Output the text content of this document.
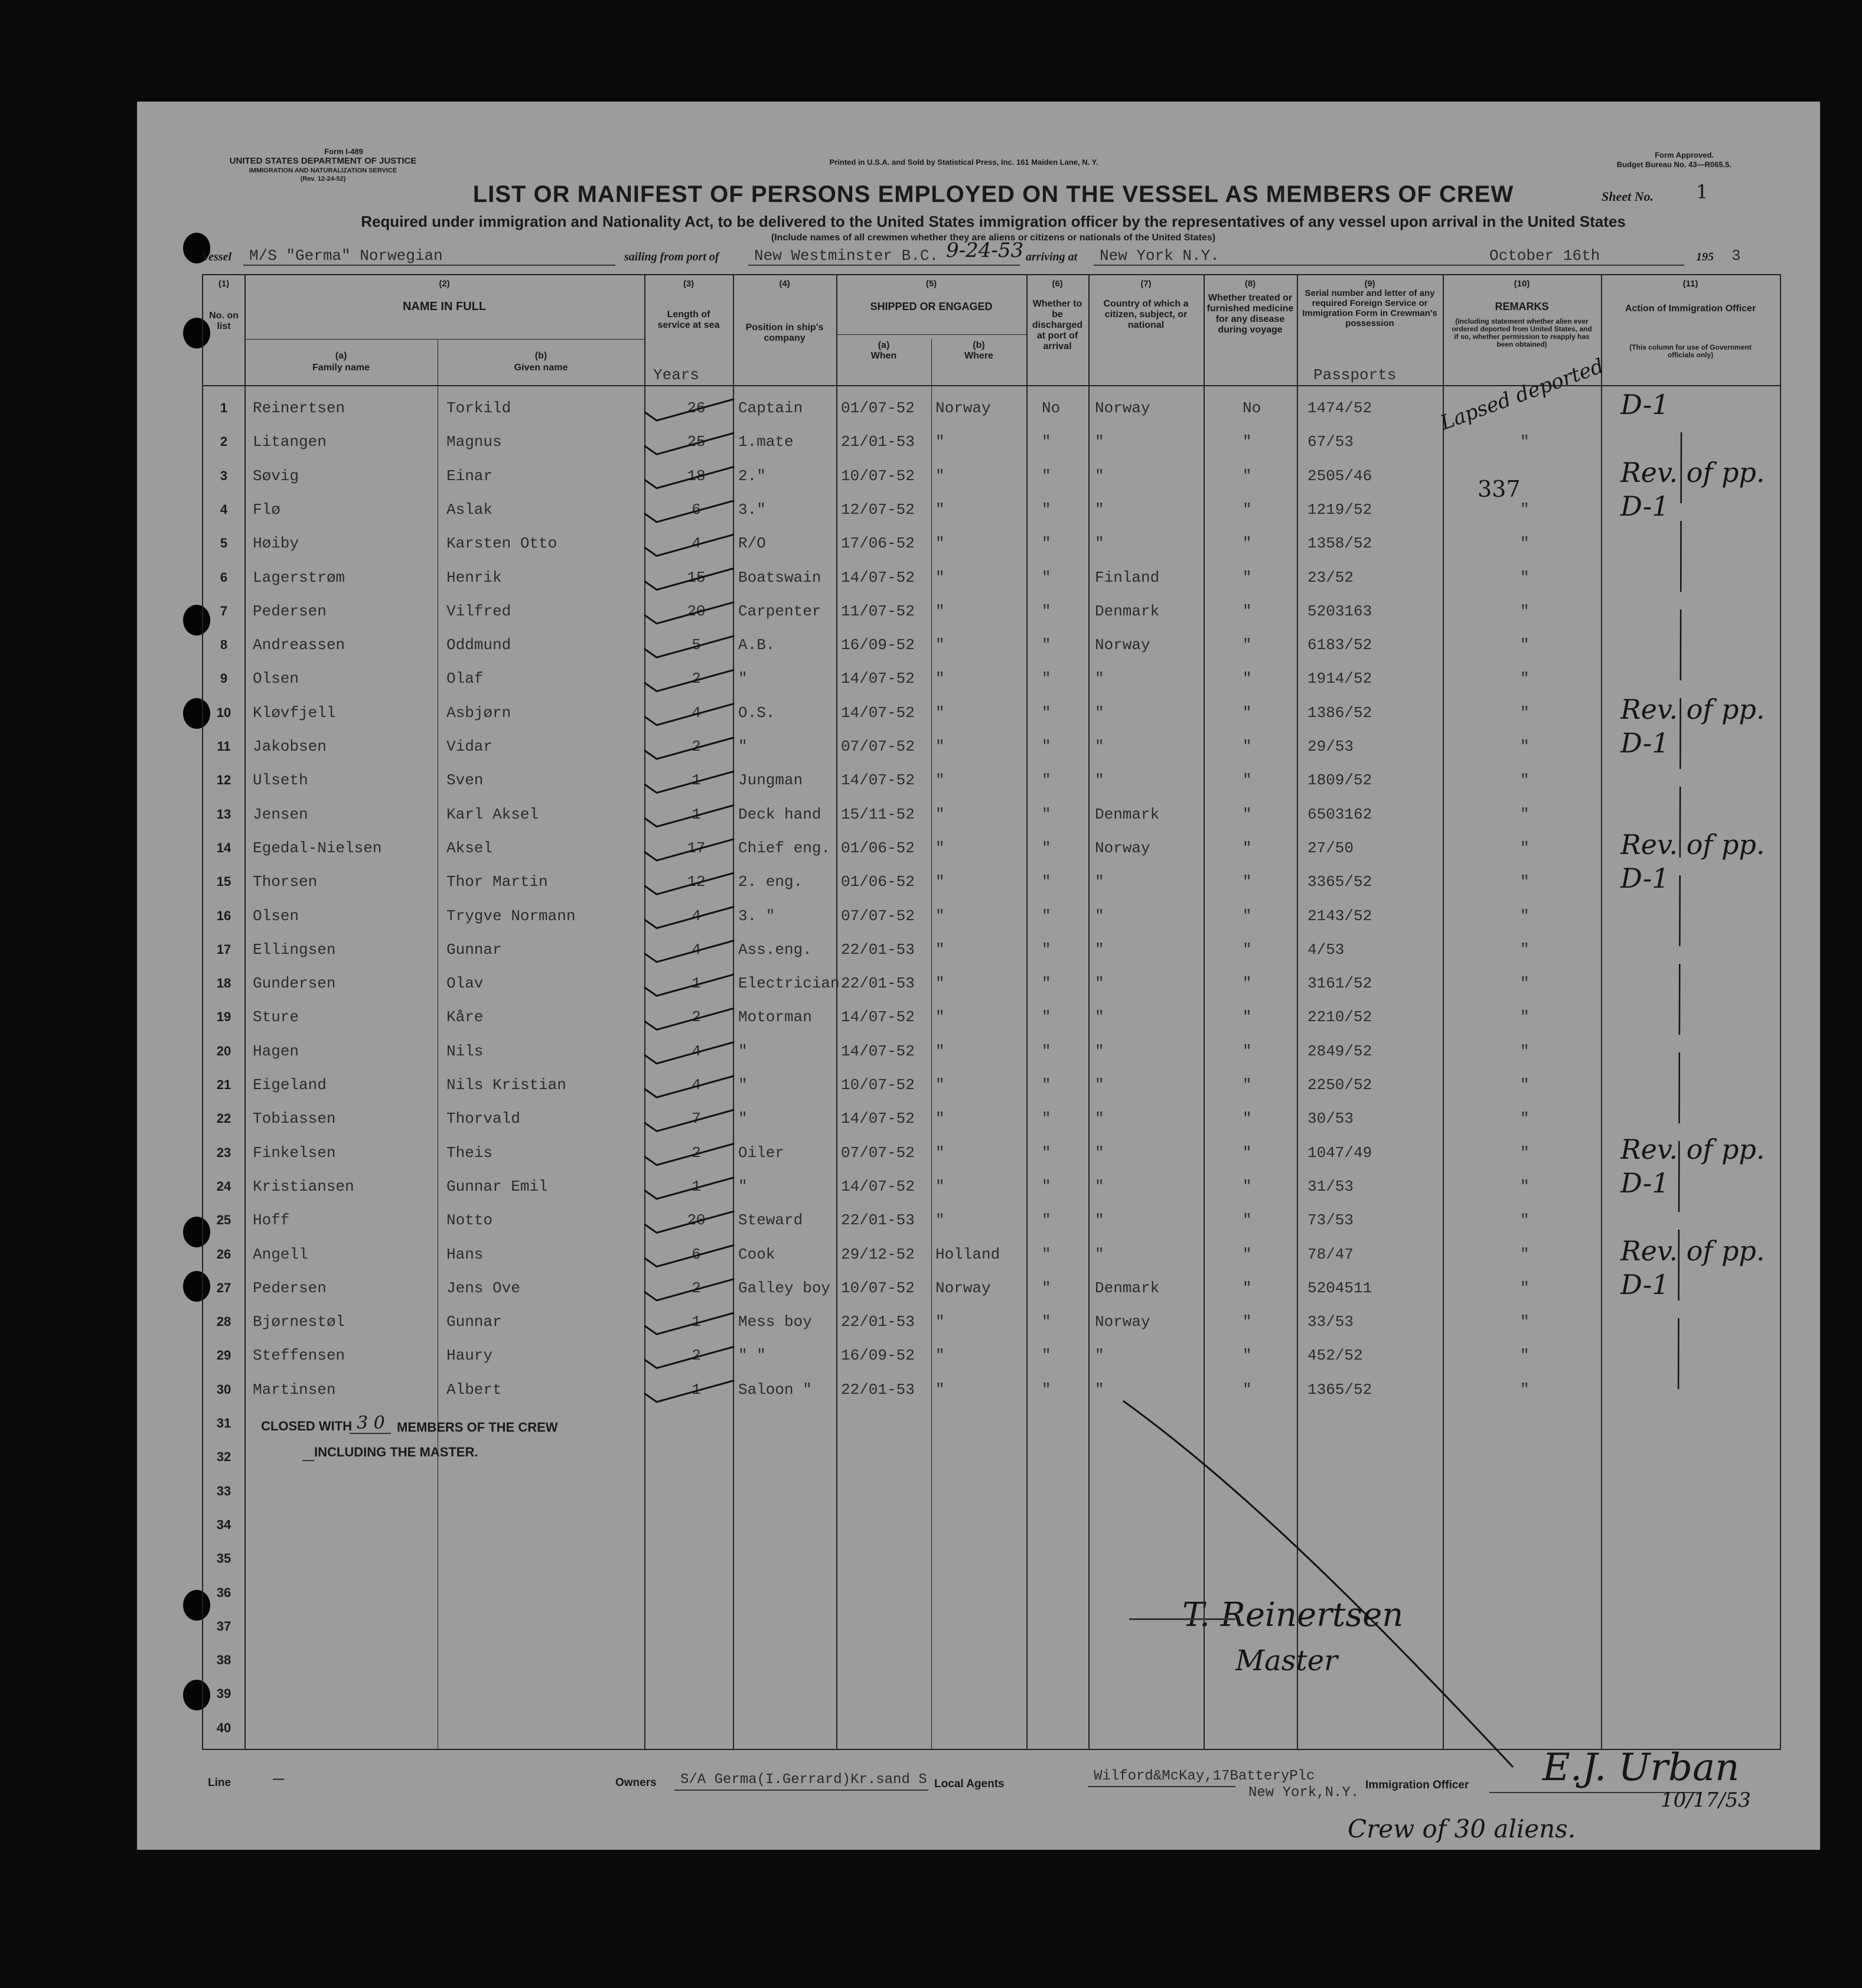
Form I-489
UNITED STATES DEPARTMENT OF JUSTICE
IMMIGRATION AND NATURALIZATION SERVICE
(Rev. 12-24-52)
Printed in U.S.A. and Sold by Statistical Press, Inc. 161 Maiden Lane, N. Y.
Form Approved.
Budget Bureau No. 43—R065.5.
LIST OR MANIFEST OF PERSONS EMPLOYED ON THE VESSEL AS MEMBERS OF CREW	Sheet No. 1
Required under immigration and Nationality Act, to be delivered to the United States immigration officer by the representatives of any vessel upon arrival in the United States
(Include names of all crewmen whether they are aliens or citizens or nationals of the United States)
Vessel M/S "Germa" Norwegian	sailing from port of New Westminster B.C. 9-24-53 arriving at New York N.Y.	October 16th	195 3
(1)	(2)	(3)	(4)	(5)	(6)	(7)	(8)	(9)	(10)	(11)
No. on list
NAME IN FULL
(a)
Family name
(b)
Given name
Length of service at sea
Years
Position in ship's company
SHIPPED OR ENGAGED
(a)
When
(b)
Where
Whether to be discharged at port of arrival
Country of which a citizen, subject, or national
Whether treated or furnished medicine for any disease during voyage
Serial number and letter of any required Foreign Service or Immigration Form in Crewman's possession
Passports
REMARKS
(Including statement whether alien ever ordered deported from United States, and if so, whether permission to reapply has been obtained)
Action of Immigration Officer
(This column for use of Government officials only)
1	Reinertsen	Torkild	26	Captain 01/07-52 Norway	No Norway	No	1474/52	D-1
2	Litangen	Magnus	25	1.mate	21/01-53 "	"	"	"	67/53	"
3	Søvig	Einar	18	2."	10/07-52 "	"	"	"	2505/46	Rev. of pp.
4	Flø	Aslak	6	3."	12/07-52 "	"	"	"	1219/52	"	D-1
5	Høiby	Karsten Otto	4	R/O	17/06-52 "	"	"	"	1358/52	"
6	Lagerstrøm	Henrik	15	Boatswain 14/07-52 "	"	Finland	"	23/52	"
7	Pedersen	Vilfred	20	Carpenter 11/07-52 "	"	Denmark	"	5203163	"
8	Andreassen	Oddmund	5	A.B.	16/09-52 "	"	Norway	"	6183/52	"
9	Olsen	Olaf	2	"	14/07-52 "	"	"	"	1914/52	"
10	Kløvfjell	Asbjørn	4	O.S.	14/07-52 "	"	"	"	1386/52	"	Rev. of pp.
11	Jakobsen	Vidar	2	"	07/07-52 "	"	"	"	29/53	"	D-1
12	Ulseth	Sven	1	Jungman 14/07-52 "	"	"	"	1809/52	"
13	Jensen	Karl Aksel	1	Deck hand 15/11-52 "	"	Denmark	"	6503162	"
14	Egedal-Nielsen	Aksel	17	Chief eng. 01/06-52 "	"	Norway	"	27/50	"	Rev. of pp.
15	Thorsen	Thor Martin	12	2. eng. 01/06-52 "	"	"	"	3365/52	"	D-1
16	Olsen	Trygve Normann	4	3. "	07/07-52 "	"	"	"	2143/52	"
17	Ellingsen	Gunnar	4	Ass.eng. 22/01-53 "	"	"	"	4/53	"
18	Gundersen	Olav	1	Electrician 22/01-53 "	"	"	"	3161/52	"
19	Sture	Kåre	2	Motorman 14/07-52 "	"	"	"	2210/52	"
20	Hagen	Nils	4	"	14/07-52 "	"	"	"	2849/52	"
21	Eigeland	Nils Kristian	4	"	10/07-52 "	"	"	"	2250/52	"
22	Tobiassen	Thorvald	7	"	14/07-52 "	"	"	"	30/53	"
23	Finkelsen	Theis	2	Oiler	07/07-52 "	"	"	"	1047/49	"	Rev. of pp.
24	Kristiansen	Gunnar Emil	1	"	14/07-52 "	"	"	"	31/53	"	D-1
25	Hoff	Notto	20	Steward 22/01-53 "	"	"	"	73/53	"
26	Angell	Hans	6	Cook	29/12-52 Holland	"	"	"	78/47	"	Rev. of pp.
27	Pedersen	Jens Ove	2	Galley boy 10/07-52 Norway	"	Denmark	"	5204511	"	D-1
28	Bjørnestøl	Gunnar	1	Mess boy 22/01-53 "	"	Norway	"	33/53	"
29	Steffensen	Haury	2	" "	16/09-52 "	"	"	"	452/52	"
30	Martinsen	Albert	1	Saloon " 22/01-53 "	"	"	"	1365/52	"
31
32
33
34
35
36
37
38
39
40
CLOSED WITH 3 0 MEMBERS OF THE CREW
INCLUDING THE MASTER.
T. Reinertsen
Master
Lapsed deported
337
Line	—	Owners S/A Germa(I.Gerrard)Kr.sand S Local Agents	Wilford&McKay,17BatteryPlc
New York,N.Y. Immigration Officer E.J. Urban
10/17/53
Crew of 30 aliens.
